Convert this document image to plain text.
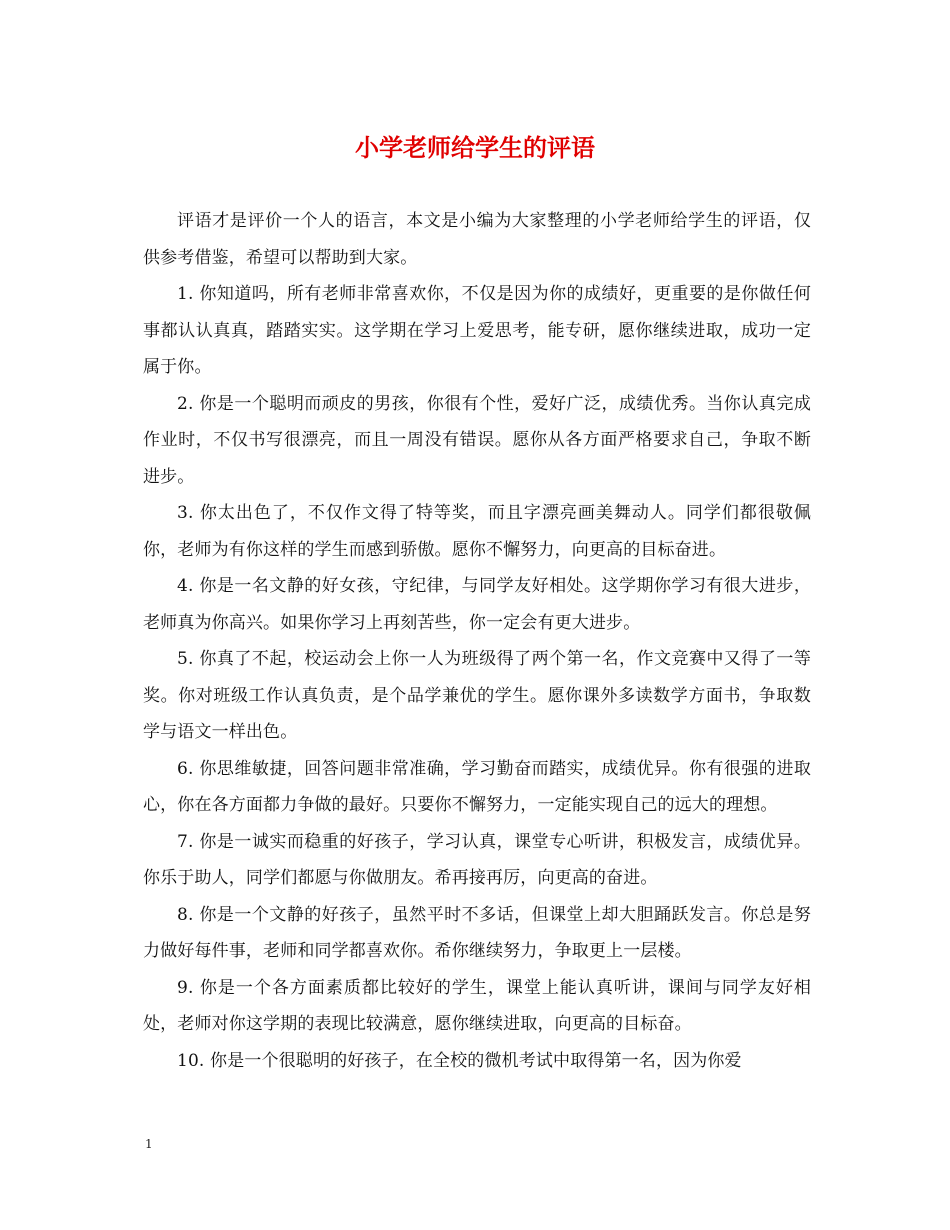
小学老师给学生的评语

评语才是评价一个人的语言，本文是小编为大家整理的小学老师给学生的评语，仅供参考借鉴，希望可以帮助到大家。

1. 你知道吗，所有老师非常喜欢你，不仅是因为你的成绩好，更重要的是你做任何事都认认真真，踏踏实实。这学期在学习上爱思考，能专研，愿你继续进取，成功一定属于你。

2. 你是一个聪明而顽皮的男孩，你很有个性，爱好广泛，成绩优秀。当你认真完成作业时，不仅书写很漂亮，而且一周没有错误。愿你从各方面严格要求自己，争取不断进步。

3. 你太出色了，不仅作文得了特等奖，而且字漂亮画美舞动人。同学们都很敬佩你，老师为有你这样的学生而感到骄傲。愿你不懈努力，向更高的目标奋进。

4. 你是一名文静的好女孩，守纪律，与同学友好相处。这学期你学习有很大进步，老师真为你高兴。如果你学习上再刻苦些，你一定会有更大进步。

5. 你真了不起，校运动会上你一人为班级得了两个第一名，作文竞赛中又得了一等奖。你对班级工作认真负责，是个品学兼优的学生。愿你课外多读数学方面书，争取数学与语文一样出色。

6. 你思维敏捷，回答问题非常准确，学习勤奋而踏实，成绩优异。你有很强的进取心，你在各方面都力争做的最好。只要你不懈努力，一定能实现自己的远大的理想。

7. 你是一诚实而稳重的好孩子，学习认真，课堂专心听讲，积极发言，成绩优异。你乐于助人，同学们都愿与你做朋友。希再接再厉，向更高的奋进。

8. 你是一个文静的好孩子，虽然平时不多话，但课堂上却大胆踊跃发言。你总是努力做好每件事，老师和同学都喜欢你。希你继续努力，争取更上一层楼。

9. 你是一个各方面素质都比较好的学生，课堂上能认真听讲，课间与同学友好相处，老师对你这学期的表现比较满意，愿你继续进取，向更高的目标奋。

10. 你是一个很聪明的好孩子，在全校的微机考试中取得第一名，因为你爱

1
